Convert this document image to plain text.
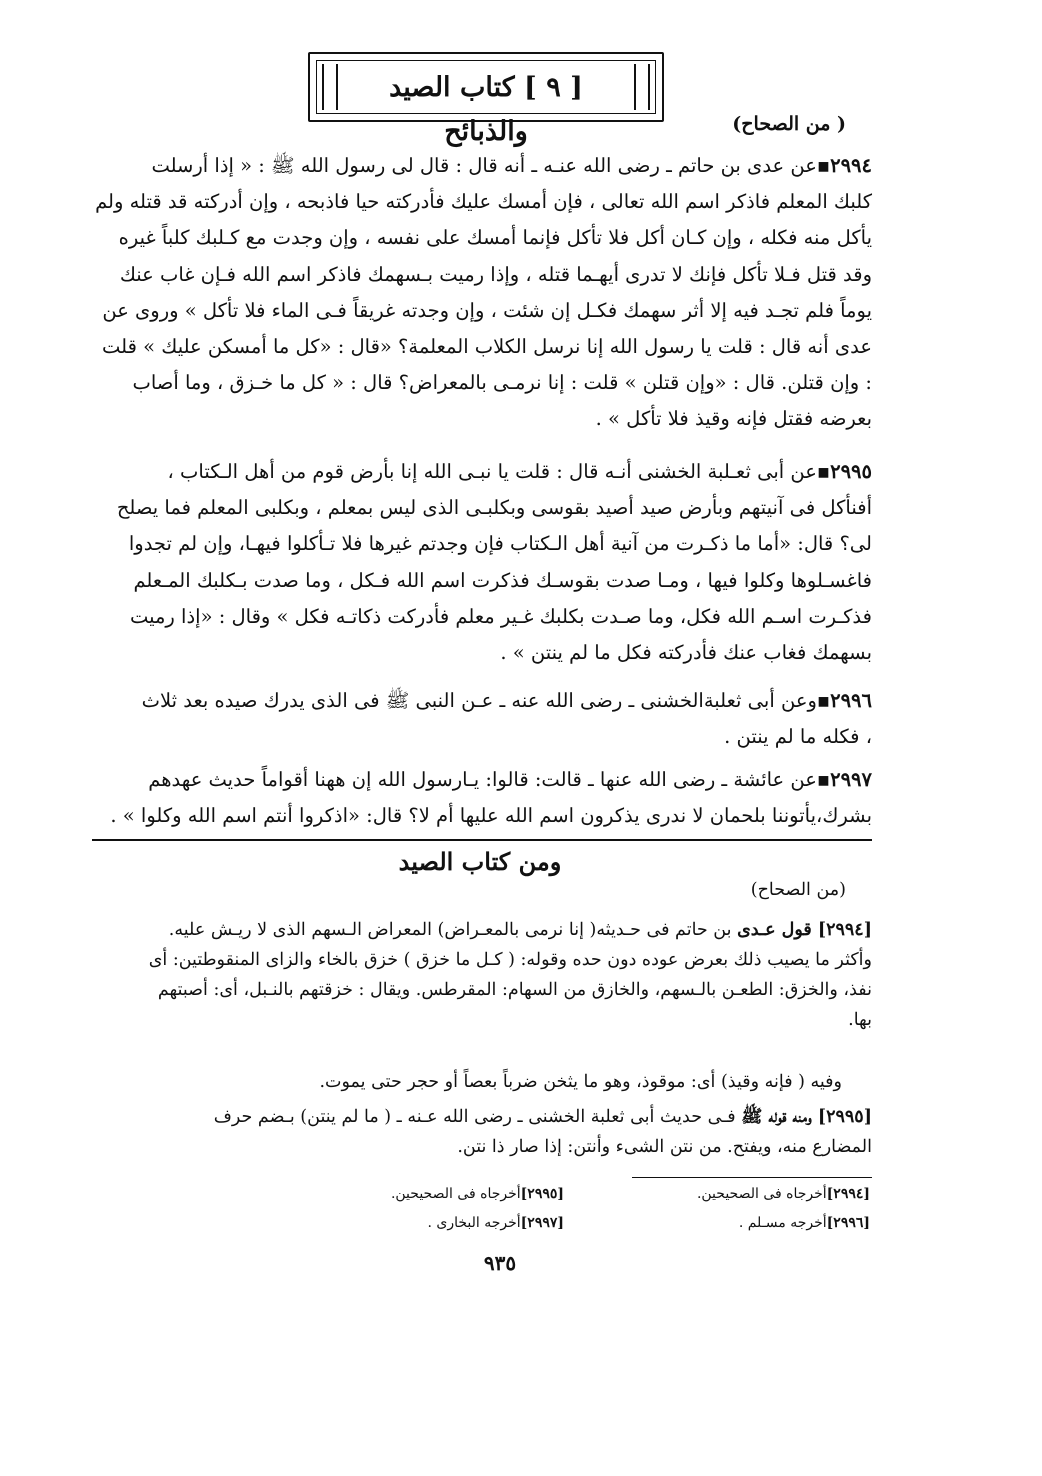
[ ٩ ] كتاب الصيد والذبائح	( من الصحاح)
٢٩٩٤▪عن عدى بن حاتم ـ رضى الله عنـه ـ أنه قال : قال لى رسول الله ﷺ : « إذا أرسلت
كلبك المعلم فاذكر اسم الله تعالى ، فإن أمسك عليك فأدركته حيا فاذبحه ، وإن أدركته قد قتله ولم
يأكل منه فكله ، وإن كـان أكل فلا تأكل فإنما أمسك على نفسه ، وإن وجدت مع كـلبك كلباً غيره
وقد قتل فـلا تأكل فإنك لا تدرى أيهـما قتله ، وإذا رميت بـسهمك فاذكر اسم الله فـإن غاب عنك
يوماً فلم تجـد فيه إلا أثر سهمك فكـل إن شئت ، وإن وجدته غريقاً فـى الماء فلا تأكل » وروى عن
عدى أنه قال : قلت يا رسول الله إنا نرسل الكلاب المعلمة؟ «قال : «كل ما أمسكن عليك » قلت
: وإن قتلن. قال : «وإن قتلن » قلت : إنا نرمـى بالمعراض؟ قال : « كل ما خـزق ، وما أصاب
بعرضه فقتل فإنه وقيذ فلا تأكل » .
٢٩٩٥▪عن أبى ثعـلبة الخشنى أنـه قال : قلت يا نبـى الله إنا بأرض قوم من أهل الـكتاب ،
أفنأكل فى آنيتهم وبأرض صيد أصيد بقوسى وبكلبـى الذى ليس بمعلم ، وبكلبى المعلم فما يصلح
لى؟ قال: «أما ما ذكـرت من آنية أهل الـكتاب فإن وجدتم غيرها فلا تـأكلوا فيهـا، وإن لم تجدوا
فاغسـلوها وكلوا فيها ، ومـا صدت بقوسـك فذكرت اسم الله فـكل ، وما صدت بـكلبك المـعلم
فذكـرت اسـم الله فكل، وما صـدت بكلبك غـير معلم فأدركت ذكاتـه فكل » وقال : «إذا رميت
بسهمك فغاب عنك فأدركته فكل ما لم ينتن » .
٢٩٩٦▪وعن أبى ثعلبةالخشنى ـ رضى الله عنه ـ عـن النبى ﷺ فى الذى يدرك صيده بعد ثلاث
، فكله ما لم ينتن .
٢٩٩٧▪عن عائشة ـ رضى الله عنها ـ قالت: قالوا: يـارسول الله إن ههنا أقواماً حديث عهدهم
بشرك،يأتوننا بلحمان لا ندرى يذكرون اسم الله عليها أم لا؟ قال: «اذكروا أنتم اسم الله وكلوا » .
ومن كتاب الصيد
(من الصحاح)
[٢٩٩٤] قول عـدى بن حاتم فى حـديثه( إنا نرمى بالمعـراض) المعراض الـسهم الذى لا ريـش عليه.
وأكثر ما يصيب ذلك بعرض عوده دون حده وقوله: ( كـل ما خزق ) خزق بالخاء والزاى المنقوطتين: أى
نفذ، والخزق: الطعـن بالـسهم، والخازق من السهام: المقرطس. ويقال : خزقتهم بالنـبل، أى: أصبتهم
بها.
وفيه ( فإنه وقيذ) أى: موقوذ، وهو ما يثخن ضرباً بعصاً أو حجر حتى يموت.
[٢٩٩٥] ومنه قوله ﷺ فـى حديث أبى ثعلبة الخشنى ـ رضى الله عـنه ـ ( ما لم ينتن) بـضم حرف
المضارع منه، ويفتح. من نتن الشىء وأنتن: إذا صار ذا نتن.
[٢٩٩٤]أخرجاه فى الصحيحين.
[٢٩٩٥]أخرجاه فى الصحيحين.
[٢٩٩٦]أخرجه مسـلم .
[٢٩٩٧]أخرجه البخارى .
٩٣٥
